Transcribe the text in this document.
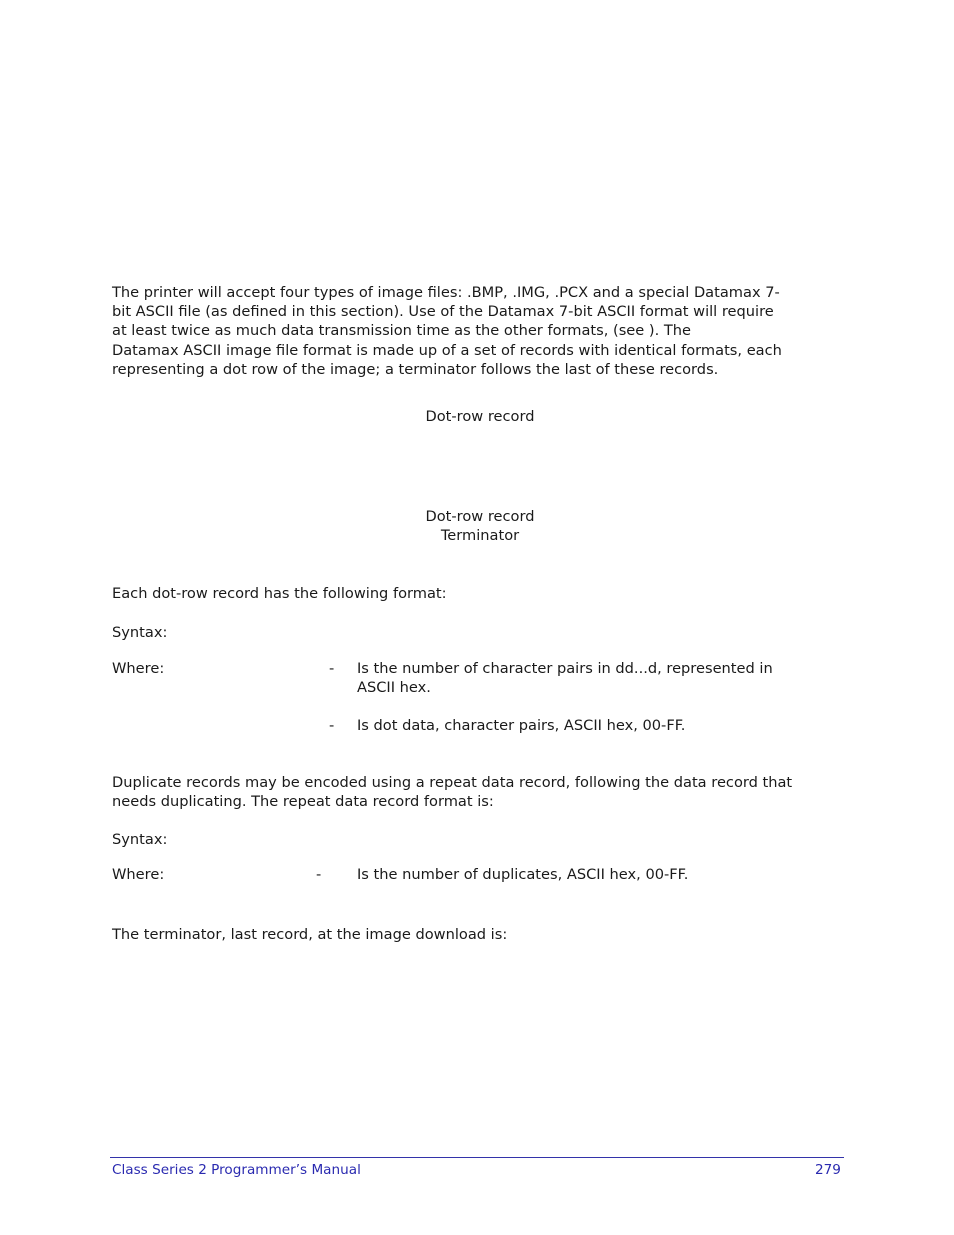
The printer will accept four types of image files: .BMP, .IMG, .PCX and a special Datamax 7-

bit ASCII file (as defined in this section). Use of the Datamax 7-bit ASCII format will require

at least twice as much data transmission time as the other formats, (see ). The

Datamax ASCII image file format is made up of a set of records with identical formats, each

representing a dot row of the image; a terminator follows the last of these records.

Dot-row record
Dot-row record
Terminator

Each dot-row record has the following format:

Syntax:

Where:	- Is the number of character pairs in dd...d, represented in

ASCII hex.

- Is dot data, character pairs, ASCII hex, 00-FF.

Duplicate records may be encoded using a repeat data record, following the data record that

needs duplicating. The repeat data record format is:

Syntax:

Where:	- Is the number of duplicates, ASCII hex, 00-FF.

The terminator, last record, at the image download is:

Class Series 2 Programmer’s Manual	279
